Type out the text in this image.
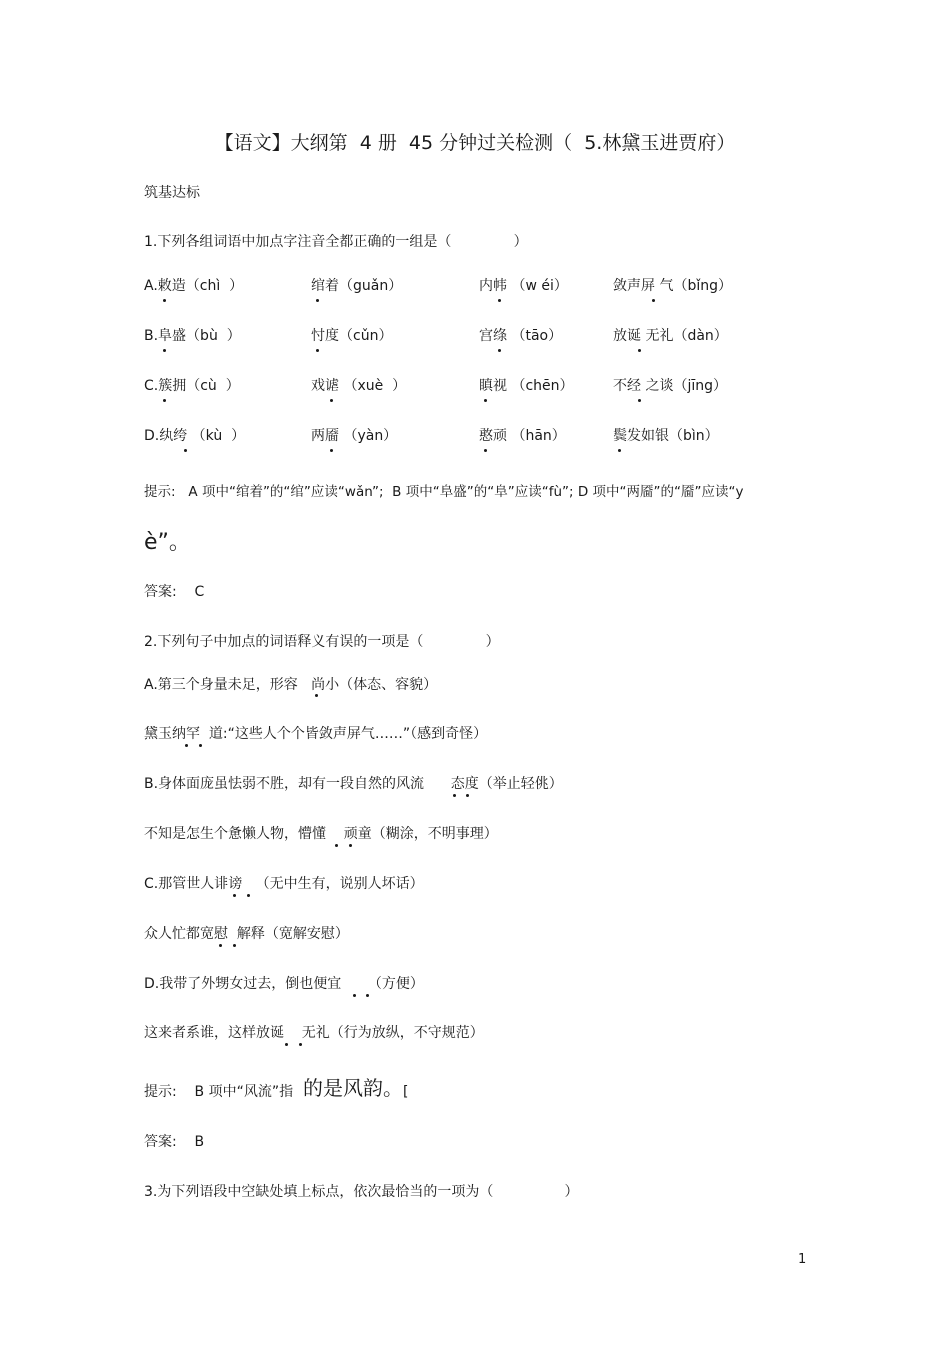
【语文】大纲第  4 册  45 分钟过关检测（  5.林黛玉进贾府）
筑基达标
1.下列各组词语中加点字注音全都正确的一组是（              ）
A.敕造（chì  ）	绾着（guǎn）	内帏 （w éi）	敛声屏 气（bǐng）
B.阜盛（bù  ）	忖度（cǔn）	宫绦 （tāo）	放诞 无礼（dàn）
C.簇拥（cù  ）	戏谑 （xuè  ）	瞋视 （chēn）	不经 之谈（jīng）
D.纨绔 （kù  ）	两靥 （yàn）	憨顽 （hān）	鬓发如银（bìn）
提示:   A 项中“绾着”的“绾”应读“wǎn”;  B 项中“阜盛”的“阜”应读“fù”; D 项中“两靥”的“靥”应读“y
è”。
答案:    C
2.下列句子中加点的词语释义有误的一项是（              ）
A.第三个身量未足，形容   尚小（体态、容貌）
黛玉纳罕  道:“这些人个个皆敛声屏气……”（感到奇怪）
B.身体面庞虽怯弱不胜，却有一段自然的风流      态度（举止轻佻）
不知是怎生个惫懒人物，懵懂    顽童（糊涂，不明事理）
C.那管世人诽谤   （无中生有，说别人坏话）
众人忙都宽慰  解释（宽解安慰）
D.我带了外甥女过去，倒也便宜      （方便）
这来者系谁，这样放诞    无礼（行为放纵，不守规范）
提示:    B 项中“风流”指 的是风韵。 [
答案:    B
3.为下列语段中空缺处填上标点，依次最恰当的一项为（                ）
1
